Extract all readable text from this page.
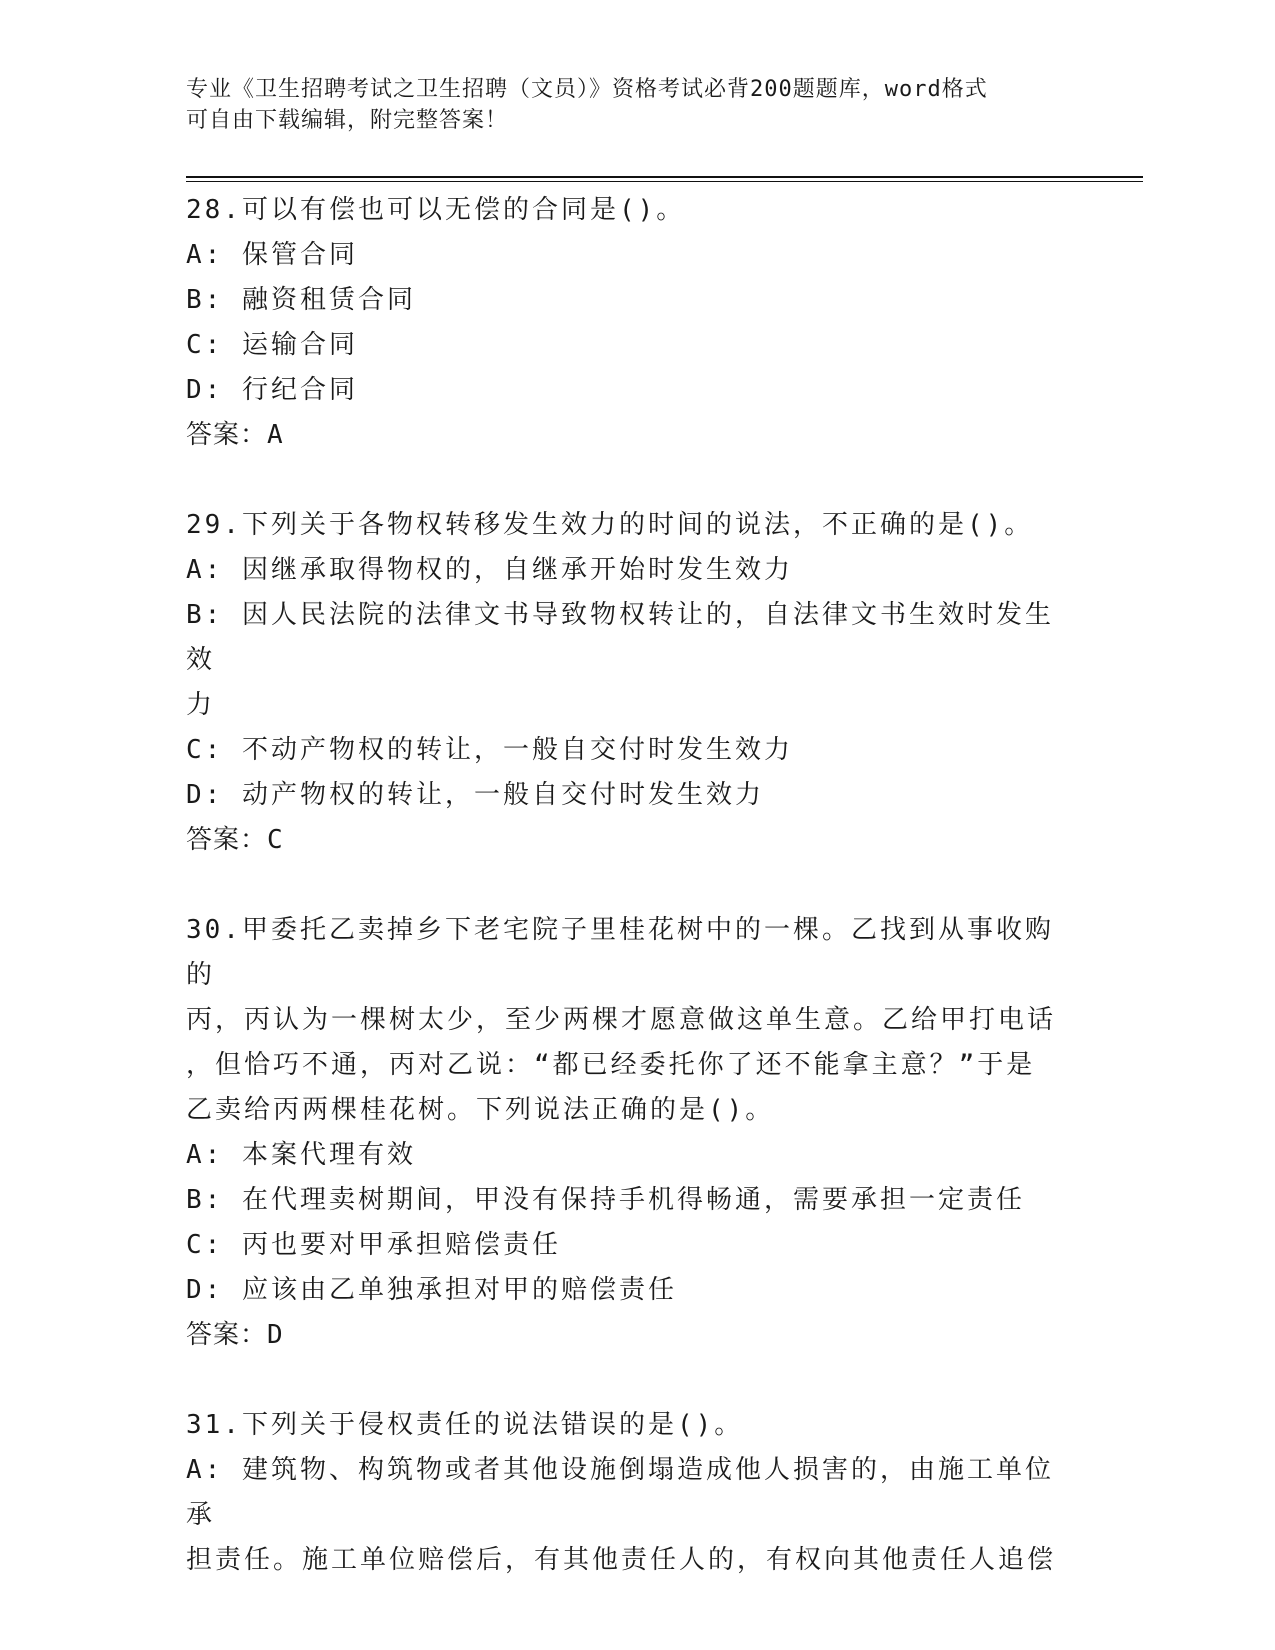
专业《卫生招聘考试之卫生招聘（文员）》资格考试必背200题题库，word格式

可自由下载编辑，附完整答案！

28.可以有偿也可以无偿的合同是()。

A: 保管合同

B: 融资租赁合同

C: 运输合同

D: 行纪合同

答案：A

29.下列关于各物权转移发生效力的时间的说法，不正确的是()。

A: 因继承取得物权的，自继承开始时发生效力

B: 因人民法院的法律文书导致物权转让的，自法律文书生效时发生效

力

C: 不动产物权的转让，一般自交付时发生效力

D: 动产物权的转让，一般自交付时发生效力

答案：C

30.甲委托乙卖掉乡下老宅院子里桂花树中的一棵。乙找到从事收购的

丙，丙认为一棵树太少，至少两棵才愿意做这单生意。乙给甲打电话

，但恰巧不通，丙对乙说：“都已经委托你了还不能拿主意？”于是

乙卖给丙两棵桂花树。下列说法正确的是()。

A: 本案代理有效

B: 在代理卖树期间，甲没有保持手机得畅通，需要承担一定责任

C: 丙也要对甲承担赔偿责任

D: 应该由乙单独承担对甲的赔偿责任

答案：D

31.下列关于侵权责任的说法错误的是()。

A: 建筑物、构筑物或者其他设施倒塌造成他人损害的，由施工单位承

担责任。施工单位赔偿后，有其他责任人的，有权向其他责任人追偿
